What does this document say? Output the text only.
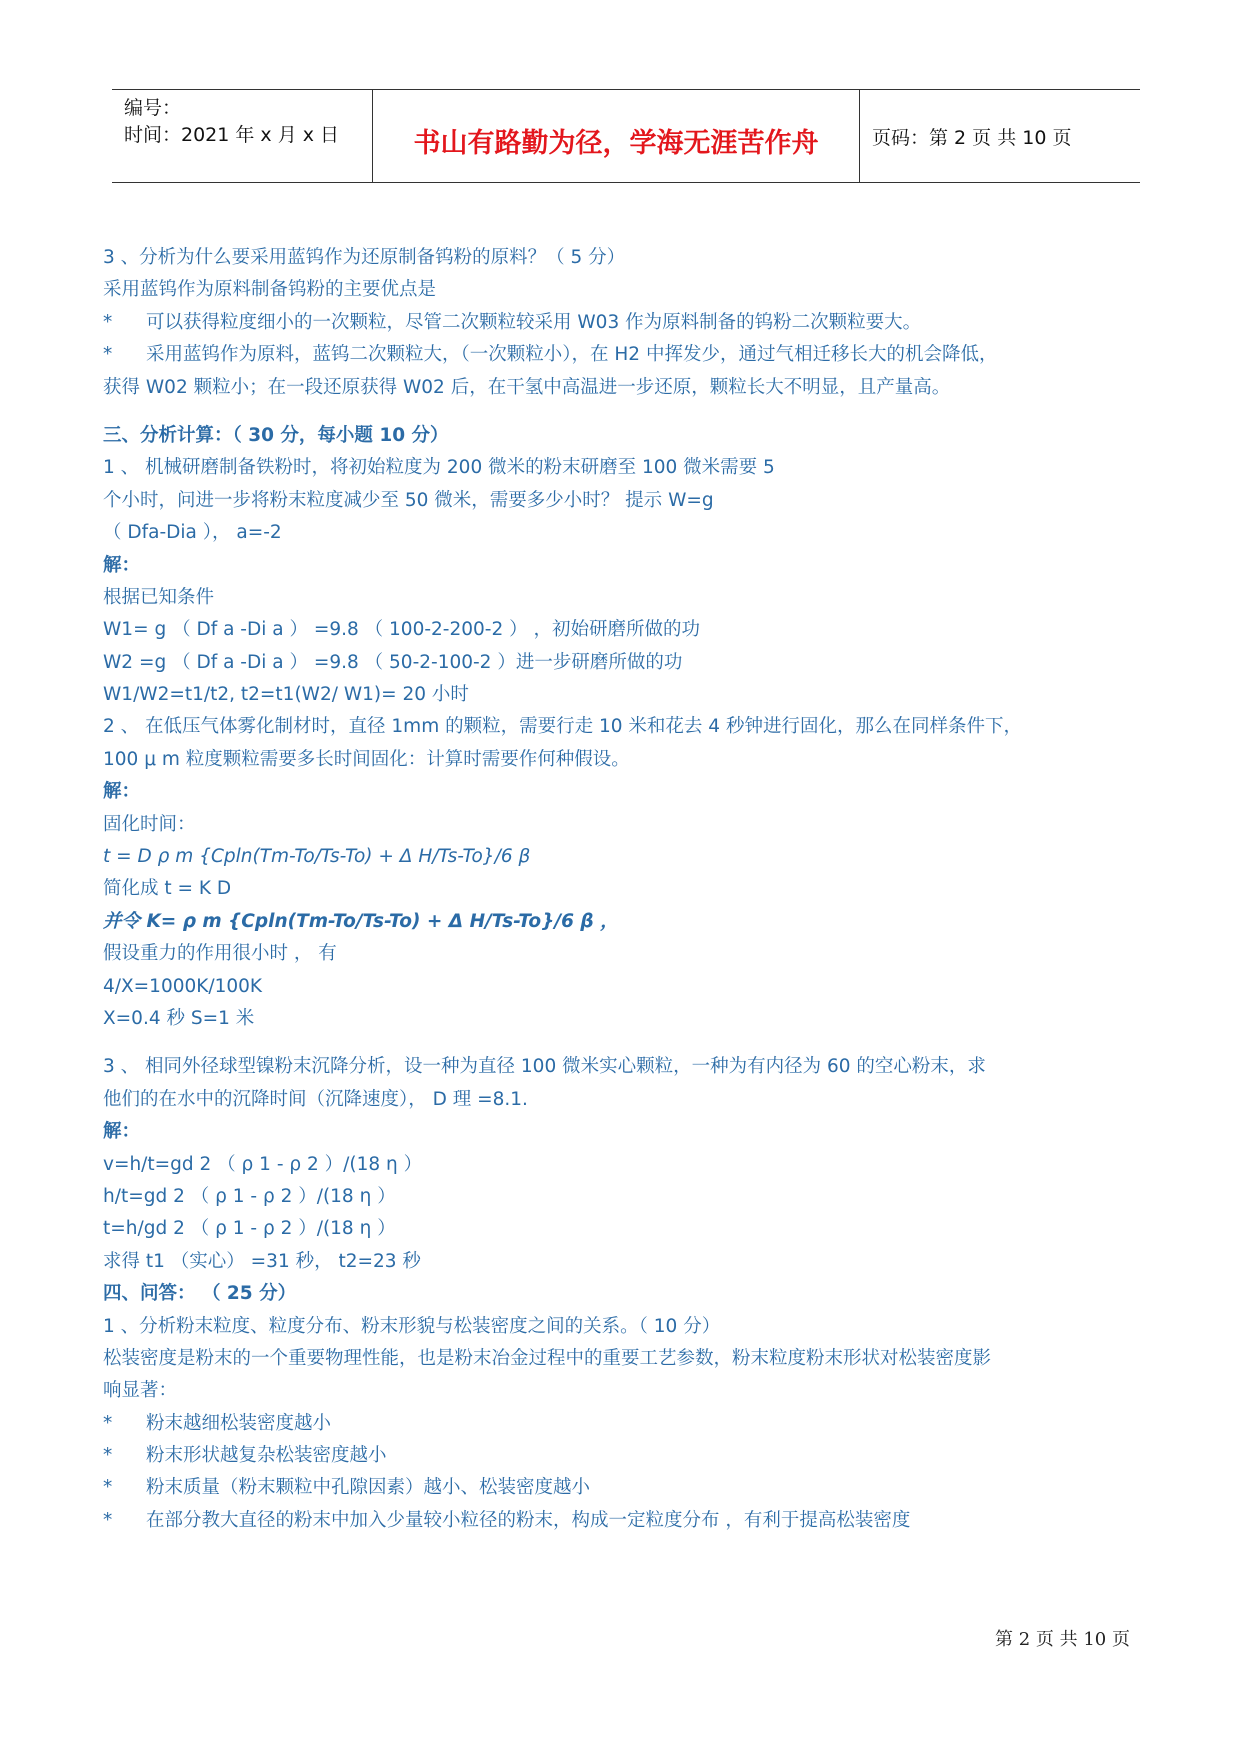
编号：
时间：2021 年 x 月 x 日	书山有路勤为径，学海无涯苦作舟	页码：第 2 页 共 10 页
3 、分析为什么要采用蓝钨作为还原制备钨粉的原料？（ 5 分）
采用蓝钨作为原料制备钨粉的主要优点是
* 可以获得粒度细小的一次颗粒，尽管二次颗粒较采用 W03 作为原料制备的钨粉二次颗粒要大。
* 采用蓝钨作为原料，蓝钨二次颗粒大，（一次颗粒小），在 H2 中挥发少，通过气相迁移长大的机会降低，
获得 W02 颗粒小；在一段还原获得 W02 后，在干氢中高温进一步还原，颗粒长大不明显，且产量高。
三、分析计算：（ 30 分，每小题 10 分）
1 、 机械研磨制备铁粉时，将初始粒度为 200 微米的粉末研磨至 100 微米需要 5
个小时，问进一步将粉末粒度减少至 50 微米，需要多少小时？ 提示 W=g
（ Dfa-Dia ）， a=-2
解：
根据已知条件
W1= g （ Df a -Di a ） =9.8 （ 100-2-200-2 ） ，初始研磨所做的功
W2 =g （ Df a -Di a ） =9.8 （ 50-2-100-2 ）进一步研磨所做的功
W1/W2=t1/t2, t2=t1(W2/ W1)= 20 小时
2 、 在低压气体雾化制材时，直径 1mm 的颗粒，需要行走 10 米和花去 4 秒钟进行固化，那么在同样条件下，
100 μ m 粒度颗粒需要多长时间固化：计算时需要作何种假设。
解：
固化时间：
t = D ρ m {Cpln(Tm-To/Ts-To) + Δ H/Ts-To}/6 β
简化成 t = K D
并令 K= ρ m {Cpln(Tm-To/Ts-To) + Δ H/Ts-To}/6 β ，
假设重力的作用很小时 ， 有
4/X=1000K/100K
X=0.4 秒 S=1 米
3 、 相同外径球型镍粉末沉降分析，设一种为直径 100 微米实心颗粒，一种为有内径为 60 的空心粉末，求
他们的在水中的沉降时间（沉降速度）， D 理 =8.1.
解：
v=h/t=gd 2 （ ρ 1 - ρ 2 ）/(18 η ）
h/t=gd 2 （ ρ 1 - ρ 2 ）/(18 η ）
t=h/gd 2 （ ρ 1 - ρ 2 ）/(18 η ）
求得 t1 （实心） =31 秒， t2=23 秒
四、问答： （ 25 分）
1 、分析粉末粒度、粒度分布、粉末形貌与松装密度之间的关系。（ 10 分）
松装密度是粉末的一个重要物理性能，也是粉末冶金过程中的重要工艺参数，粉末粒度粉末形状对松装密度影
响显著：
* 粉末越细松装密度越小
* 粉末形状越复杂松装密度越小
* 粉末质量（粉末颗粒中孔隙因素）越小、松装密度越小
* 在部分教大直径的粉末中加入少量较小粒径的粉末，构成一定粒度分布 ，有利于提高松装密度
第 2 页 共 10 页
